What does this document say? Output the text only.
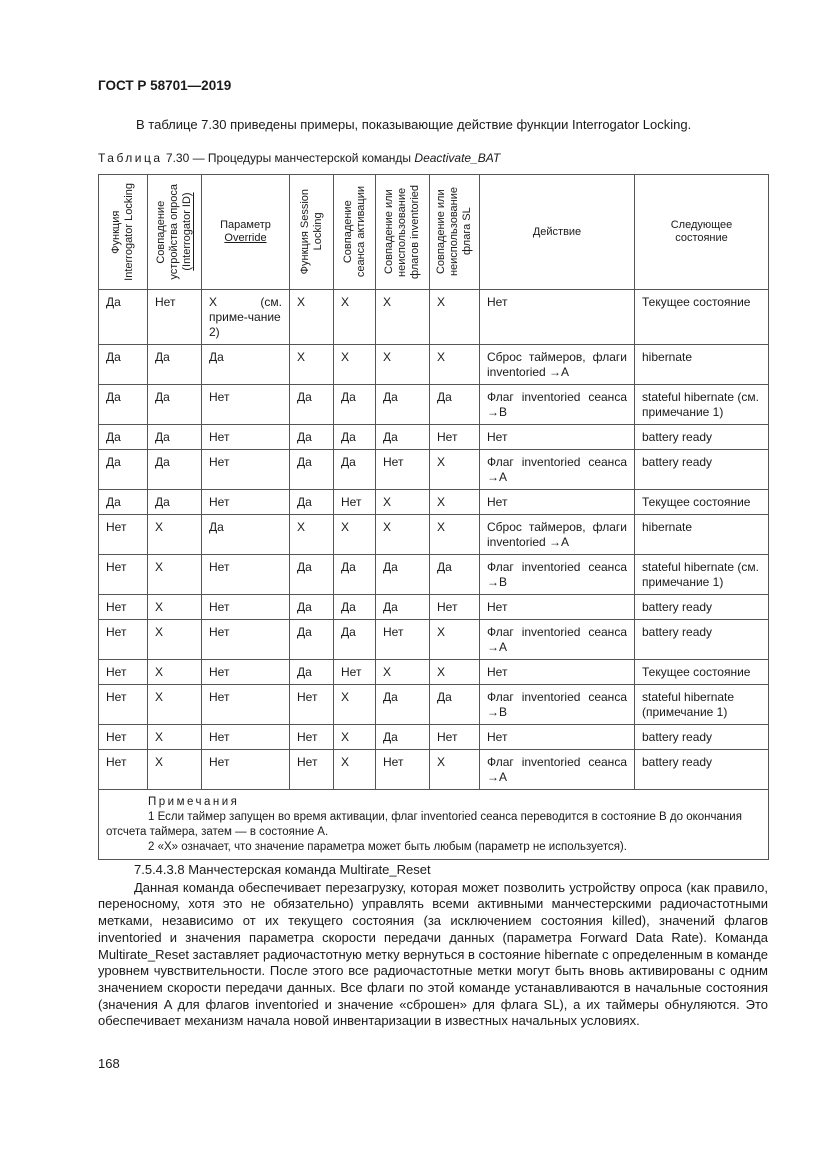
ГОСТ Р 58701—2019
В таблице 7.30 приведены примеры, показывающие действие функции Interrogator Locking.
Таблица 7.30 — Процедуры манчестерской команды Deactivate_BAT
Функция
Interrogator Locking	Совпадение
устройства опроса
(Interrogator ID)	Параметр
Override	Функция Session
Locking	Совпадение
сеанса активации	Совпадение или
неиспользование
флагов inventoried	Совпадение или
неиспользование
флага SL	Действие	Следующее
состояние

Да	Нет	X (см. приме-чание 2)	X	X	X	X	Нет	Текущее состояние
Да	Да	Да	X	X	X	X	Сброс таймеров, флаги inventoried →A	hibernate
Да	Да	Нет	Да	Да	Да	Да	Флаг inventoried сеанса →B	stateful hibernate (см. примечание 1)
Да	Да	Нет	Да	Да	Да	Нет	Нет	battery ready
Да	Да	Нет	Да	Да	Нет	X	Флаг inventoried сеанса →A	battery ready
Да	Да	Нет	Да	Нет	X	X	Нет	Текущее состояние
Нет	X	Да	X	X	X	X	Сброс таймеров, флаги inventoried →A	hibernate
Нет	X	Нет	Да	Да	Да	Да	Флаг inventoried сеанса →B	stateful hibernate (см. примечание 1)
Нет	X	Нет	Да	Да	Да	Нет	Нет	battery ready
Нет	X	Нет	Да	Да	Нет	X	Флаг inventoried сеанса →A	battery ready
Нет	X	Нет	Да	Нет	X	X	Нет	Текущее состояние
Нет	X	Нет	Нет	X	Да	Да	Флаг inventoried сеанса →B	stateful hibernate (примечание 1)
Нет	X	Нет	Нет	X	Да	Нет	Нет	battery ready
Нет	X	Нет	Нет	X	Нет	X	Флаг inventoried сеанса →A	battery ready

Примечания
1 Если таймер запущен во время активации, флаг inventoried сеанса переводится в состояние B до окончания отсчета таймера, затем — в состояние A.
2 «X» означает, что значение параметра может быть любым (параметр не используется).								
7.5.4.3.8 Манчестерская команда Multirate_Reset
Данная команда обеспечивает перезагрузку, которая может позволить устройству опроса (как правило, переносному, хотя это не обязательно) управлять всеми активными манчестерскими радиочастотными метками, независимо от их текущего состояния (за исключением состояния killed), значений флагов inventoried и значения параметра скорости передачи данных (параметра Forward Data Rate). Команда Multirate_Reset заставляет радиочастотную метку вернуться в состояние hibernate с определенным в команде уровнем чувствительности. После этого все радиочастотные метки могут быть вновь активированы с одним значением скорости передачи данных. Все флаги по этой команде устанавливаются в начальные состояния (значения A для флагов inventoried и значение «сброшен» для флага SL), а их таймеры обнуляются. Это обеспечивает механизм начала новой инвентаризации в известных начальных условиях.
168
